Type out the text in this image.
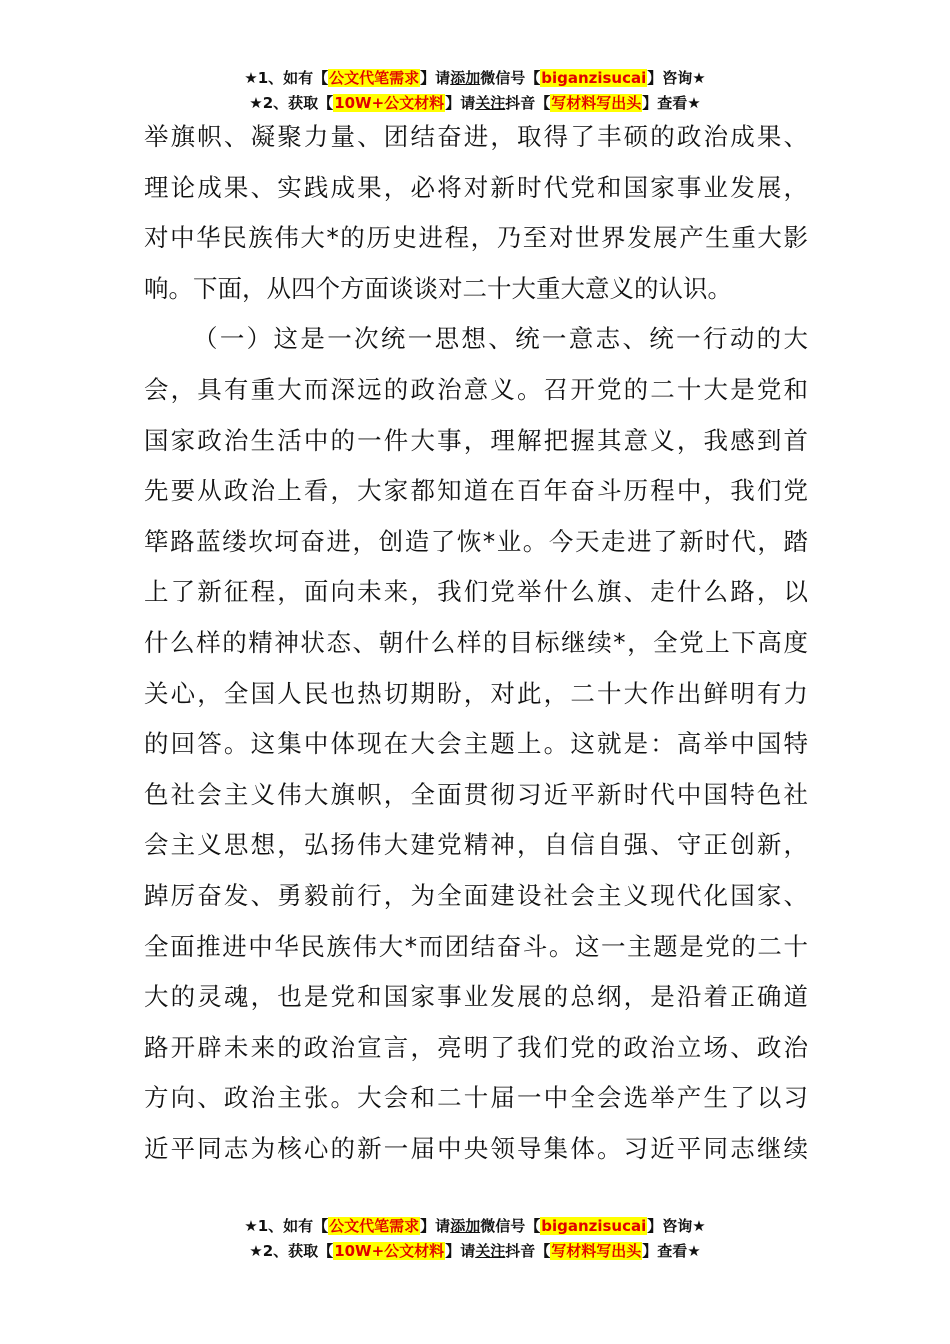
★1、如有【公文代笔需求】请添加微信号【biganzisucai】咨询★
★2、获取【10W+公文材料】请关注抖音【写材料写出头】查看★

举旗帜、凝聚力量、团结奋进，取得了丰硕的政治成果、
理论成果、实践成果，必将对新时代党和国家事业发展，
对中华民族伟大*的历史进程，乃至对世界发展产生重大影
响。下面，从四个方面谈谈对二十大重大意义的认识。

（一）这是一次统一思想、统一意志、统一行动的大
会，具有重大而深远的政治意义。召开党的二十大是党和
国家政治生活中的一件大事，理解把握其意义，我感到首
先要从政治上看，大家都知道在百年奋斗历程中，我们党
筚路蓝缕坎坷奋进，创造了恢*业。今天走进了新时代，踏
上了新征程，面向未来，我们党举什么旗、走什么路，以
什么样的精神状态、朝什么样的目标继续*，全党上下高度
关心，全国人民也热切期盼，对此，二十大作出鲜明有力
的回答。这集中体现在大会主题上。这就是：高举中国特
色社会主义伟大旗帜，全面贯彻习近平新时代中国特色社
会主义思想，弘扬伟大建党精神，自信自强、守正创新，
踔厉奋发、勇毅前行，为全面建设社会主义现代化国家、
全面推进中华民族伟大*而团结奋斗。这一主题是党的二十
大的灵魂，也是党和国家事业发展的总纲，是沿着正确道
路开辟未来的政治宣言，亮明了我们党的政治立场、政治
方向、政治主张。大会和二十届一中全会选举产生了以习
近平同志为核心的新一届中央领导集体。习近平同志继续

★1、如有【公文代笔需求】请添加微信号【biganzisucai】咨询★
★2、获取【10W+公文材料】请关注抖音【写材料写出头】查看★
